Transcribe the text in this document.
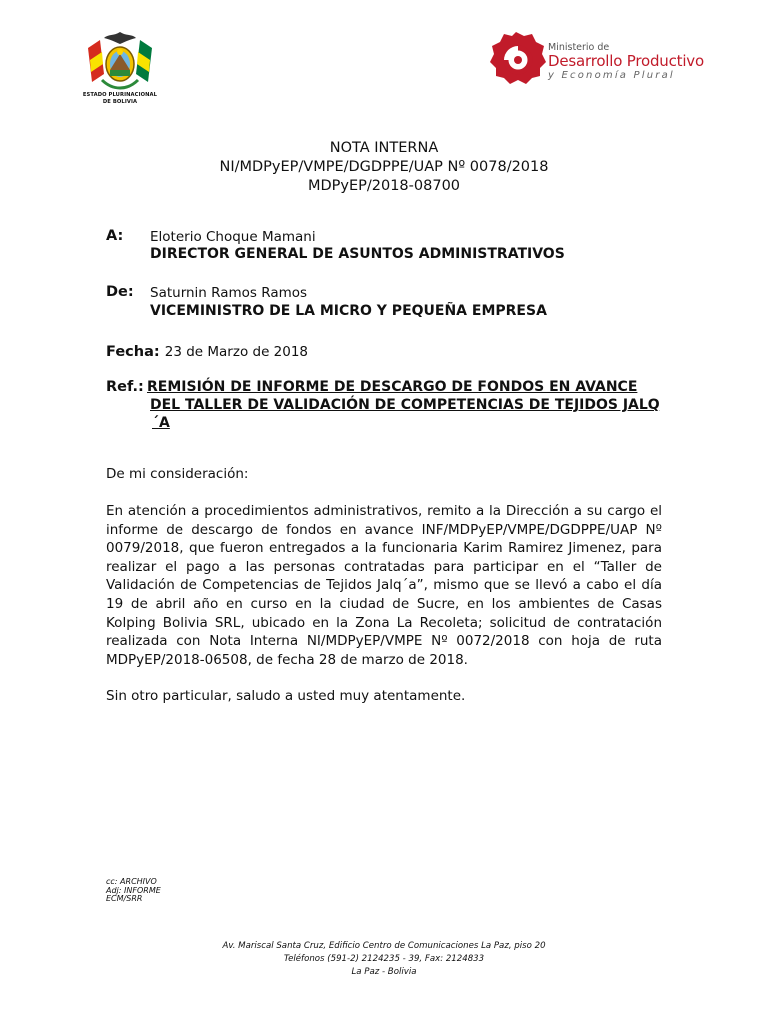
ESTADO PLURINACIONAL
DE BOLIVIA
Ministerio de
Desarrollo Productivo
y Economía Plural
NOTA INTERNA
NI/MDPyEP/VMPE/DGDPPE/UAP Nº 0078/2018
MDPyEP/2018-08700
A: Eloterio Choque Mamani
DIRECTOR GENERAL DE ASUNTOS ADMINISTRATIVOS
De: Saturnin Ramos Ramos
VICEMINISTRO DE LA MICRO Y PEQUEÑA EMPRESA
Fecha: 23 de Marzo de 2018
Ref.: REMISIÓN DE INFORME DE DESCARGO DE FONDOS EN AVANCE
DEL TALLER DE VALIDACIÓN DE COMPETENCIAS DE TEJIDOS JALQ
´A

De mi consideración:

En atención a procedimientos administrativos, remito a la Dirección a su cargo el informe de descargo de fondos en avance INF/MDPyEP/VMPE/DGDPPE/UAP Nº 0079/2018, que fueron entregados a la funcionaria Karim Ramirez Jimenez, para realizar el pago a las personas contratadas para participar en el “Taller de Validación de Competencias de Tejidos Jalq´a”, mismo que se llevó a cabo el día 19 de abril año en curso en la ciudad de Sucre, en los ambientes de Casas Kolping Bolivia SRL, ubicado en la Zona La Recoleta; solicitud de contratación realizada con Nota Interna NI/MDPyEP/VMPE Nº 0072/2018 con hoja de ruta MDPyEP/2018-06508, de fecha 28 de marzo de 2018.

Sin otro particular, saludo a usted muy atentamente.

cc: ARCHIVO
Adj: INFORME
ECM/SRR
Av. Mariscal Santa Cruz, Edificio Centro de Comunicaciones La Paz, piso 20
Teléfonos (591-2) 2124235 - 39, Fax: 2124833
La Paz - Bolivia
